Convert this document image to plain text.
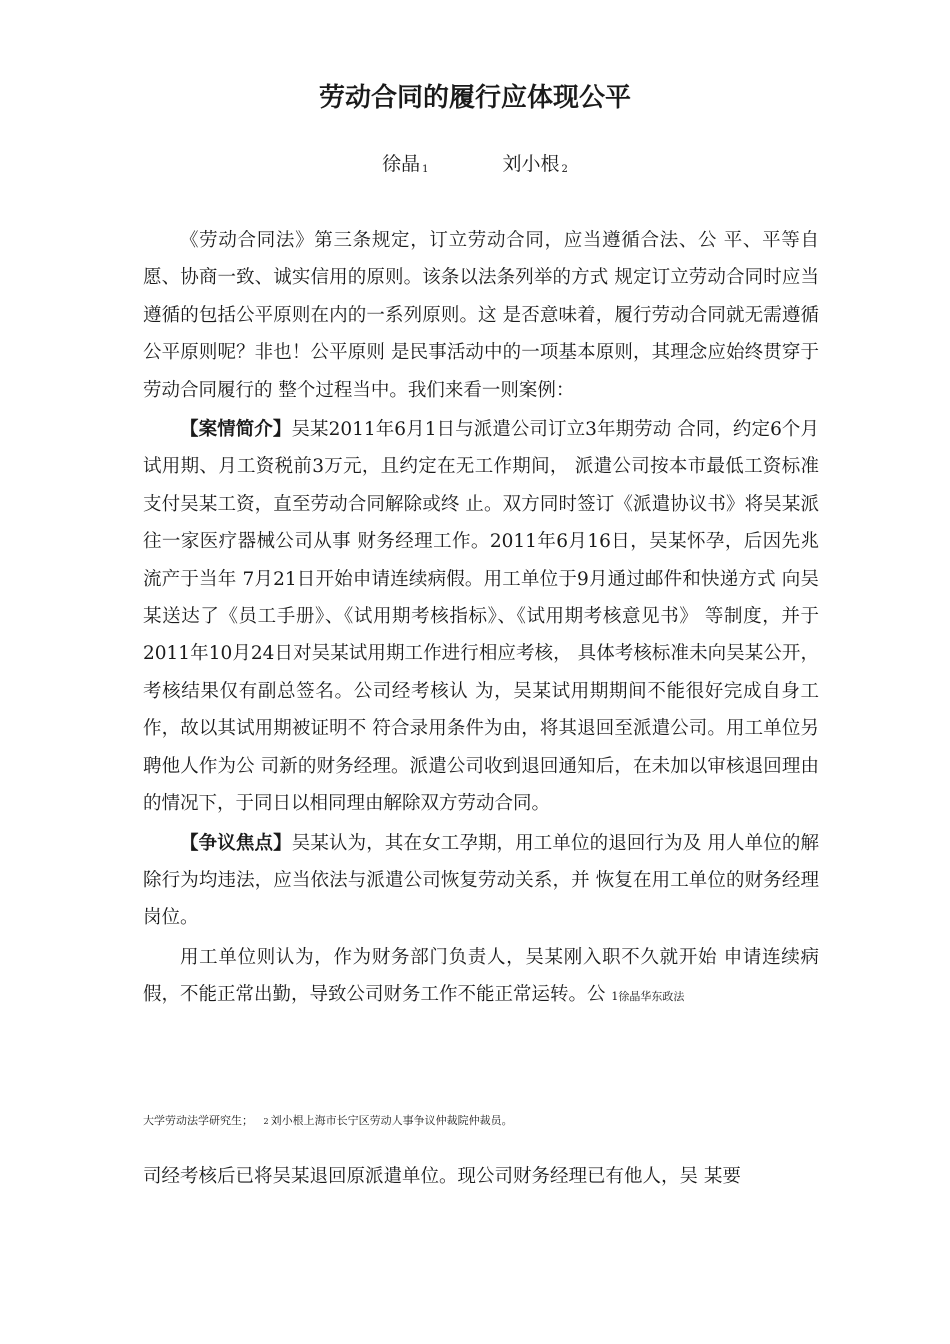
劳动合同的履行应体现公平
徐晶 $_1$	刘小根 $_2$

《劳动合同法》第三条规定，订立劳动合同，应当遵循合法、公 平、平等自愿、协商一致、诚实信用的原则。该条以法条列举的方式 规定订立劳动合同时应当遵循的包括公平原则在内的一系列原则。这 是否意味着，履行劳动合同就无需遵循公平原则呢？非也！公平原则 是民事活动中的一项基本原则，其理念应始终贯穿于劳动合同履行的 整个过程当中。我们来看一则案例：

【案情简介】吴某2011年6月1日与派遣公司订立3年期劳动 合同，约定6个月试用期、月工资税前3万元，且约定在无工作期间， 派遣公司按本市最低工资标准支付吴某工资，直至劳动合同解除或终 止。双方同时签订《派遣协议书》将吴某派往一家医疗器械公司从事 财务经理工作。2011年6月16日，吴某怀孕，后因先兆流产于当年 7月21日开始申请连续病假。用工单位于9月通过邮件和快递方式 向吴某送达了《员工手册》、《试用期考核指标》、《试用期考核意见书》 等制度，并于2011年10月24日对吴某试用期工作进行相应考核， 具体考核标准未向吴某公开，考核结果仅有副总签名。公司经考核认 为，吴某试用期期间不能很好完成自身工作，故以其试用期被证明不 符合录用条件为由，将其退回至派遣公司。用工单位另聘他人作为公 司新的财务经理。派遣公司收到退回通知后，在未加以审核退回理由 的情况下，于同日以相同理由解除双方劳动合同。

【争议焦点】吴某认为，其在女工孕期，用工单位的退回行为及 用人单位的解除行为均违法，应当依法与派遣公司恢复劳动关系，并 恢复在用工单位的财务经理岗位。

用工单位则认为，作为财务部门负责人，吴某刚入职不久就开始 申请连续病假，不能正常出勤，导致公司财务工作不能正常运转。公 1徐晶华东政法

大学劳动法学研究生； 2 刘小根上海市长宁区劳动人事争议仲裁院仲裁员。

司经考核后已将吴某退回原派遣单位。现公司财务经理已有他人，吴 某要
